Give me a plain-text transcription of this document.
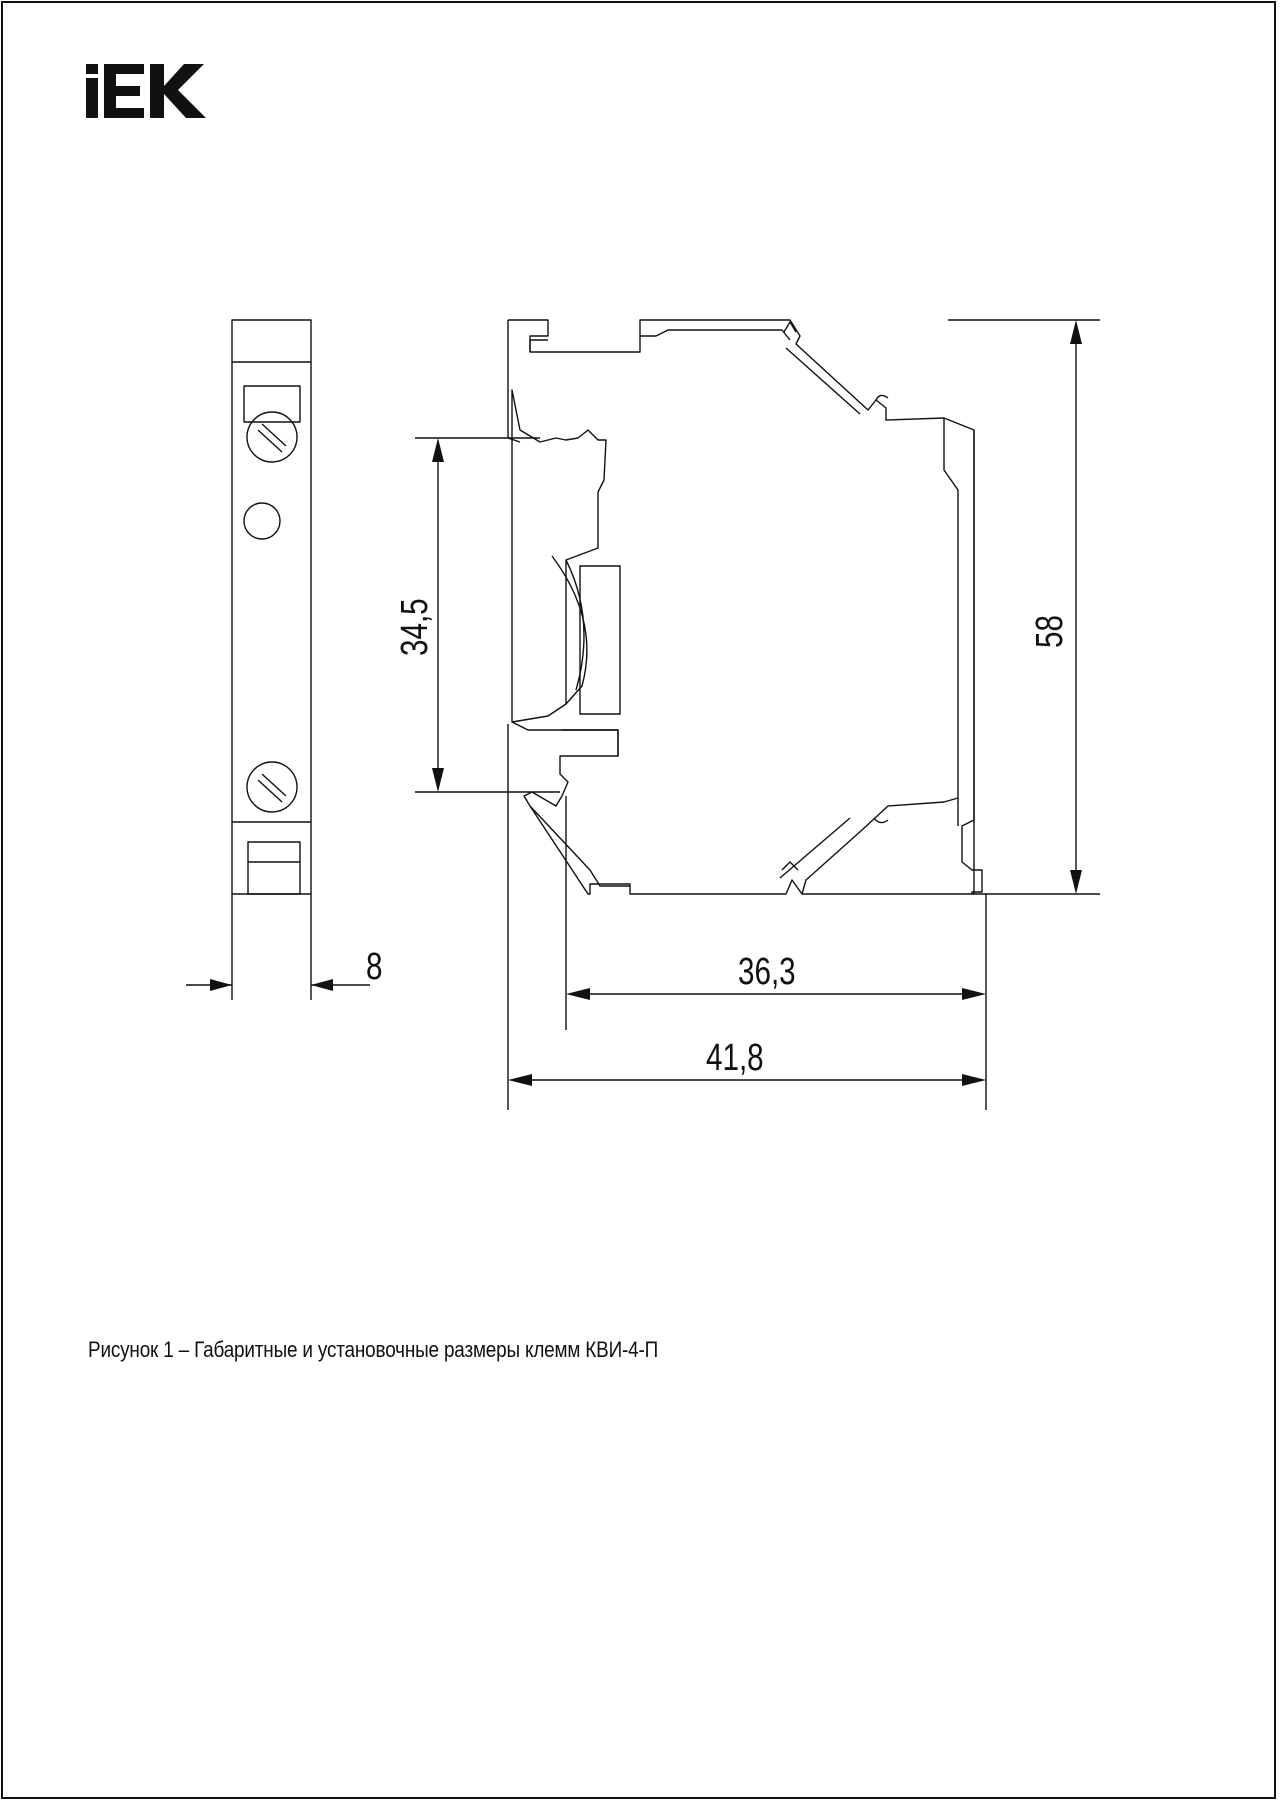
8
34,5	58
36,3
41,8
Рисунок 1 – Габаритные и установочные размеры клемм КВИ-4-П
